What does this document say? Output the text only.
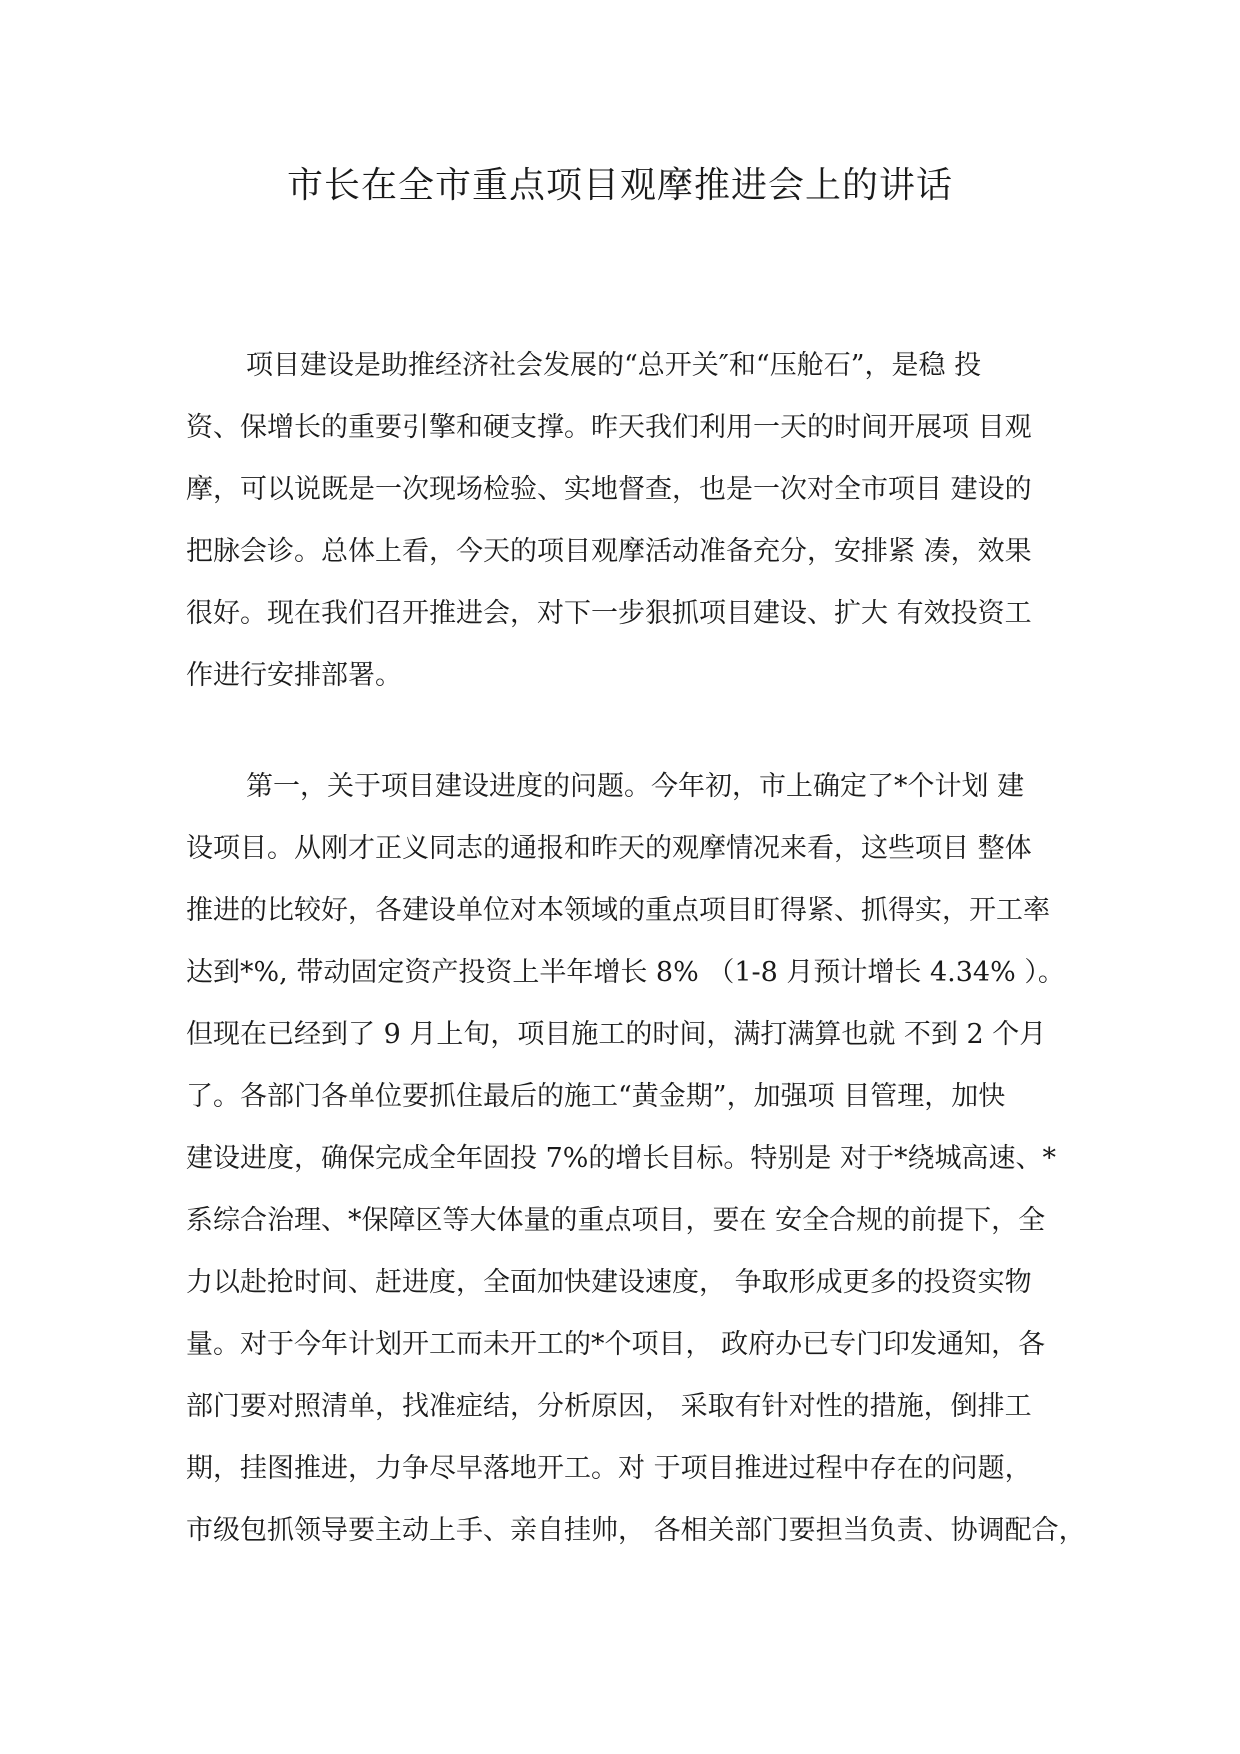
市长在全市重点项目观摩推进会上的讲话
项目建设是助推经济社会发展的“总开关″和“压舱石”，是稳 投
资、保增长的重要引擎和硬支撑。昨天我们利用一天的时间开展项 目观
摩，可以说既是一次现场检验、实地督查，也是一次对全市项目 建设的
把脉会诊。总体上看，今天的项目观摩活动准备充分，安排紧 凑，效果
很好。现在我们召开推进会，对下一步狠抓项目建设、扩大 有效投资工
作进行安排部署。
第一，关于项目建设进度的问题。今年初，市上确定了*个计划 建
设项目。从刚才正义同志的通报和昨天的观摩情况来看，这些项目 整体
推进的比较好，各建设单位对本领域的重点项目盯得紧、抓得实，开工率
达到*%, 带动固定资产投资上半年增长 8% （1-8 月预计增长 4.34% ）。
但现在已经到了 9 月上旬，项目施工的时间，满打满算也就 不到 2 个月
了。各部门各单位要抓住最后的施工“黄金期”，加强项 目管理，加快
建设进度，确保完成全年固投 7%的增长目标。特别是 对于*绕城高速、*
系综合治理、*保障区等大体量的重点项目，要在 安全合规的前提下，全
力以赴抢时间、赶进度，全面加快建设速度， 争取形成更多的投资实物
量。对于今年计划开工而未开工的*个项目， 政府办已专门印发通知，各
部门要对照清单，找准症结，分析原因， 采取有针对性的措施，倒排工
期，挂图推进，力争尽早落地开工。对 于项目推进过程中存在的问题，
市级包抓领导要主动上手、亲自挂帅， 各相关部门要担当负责、协调配合，
